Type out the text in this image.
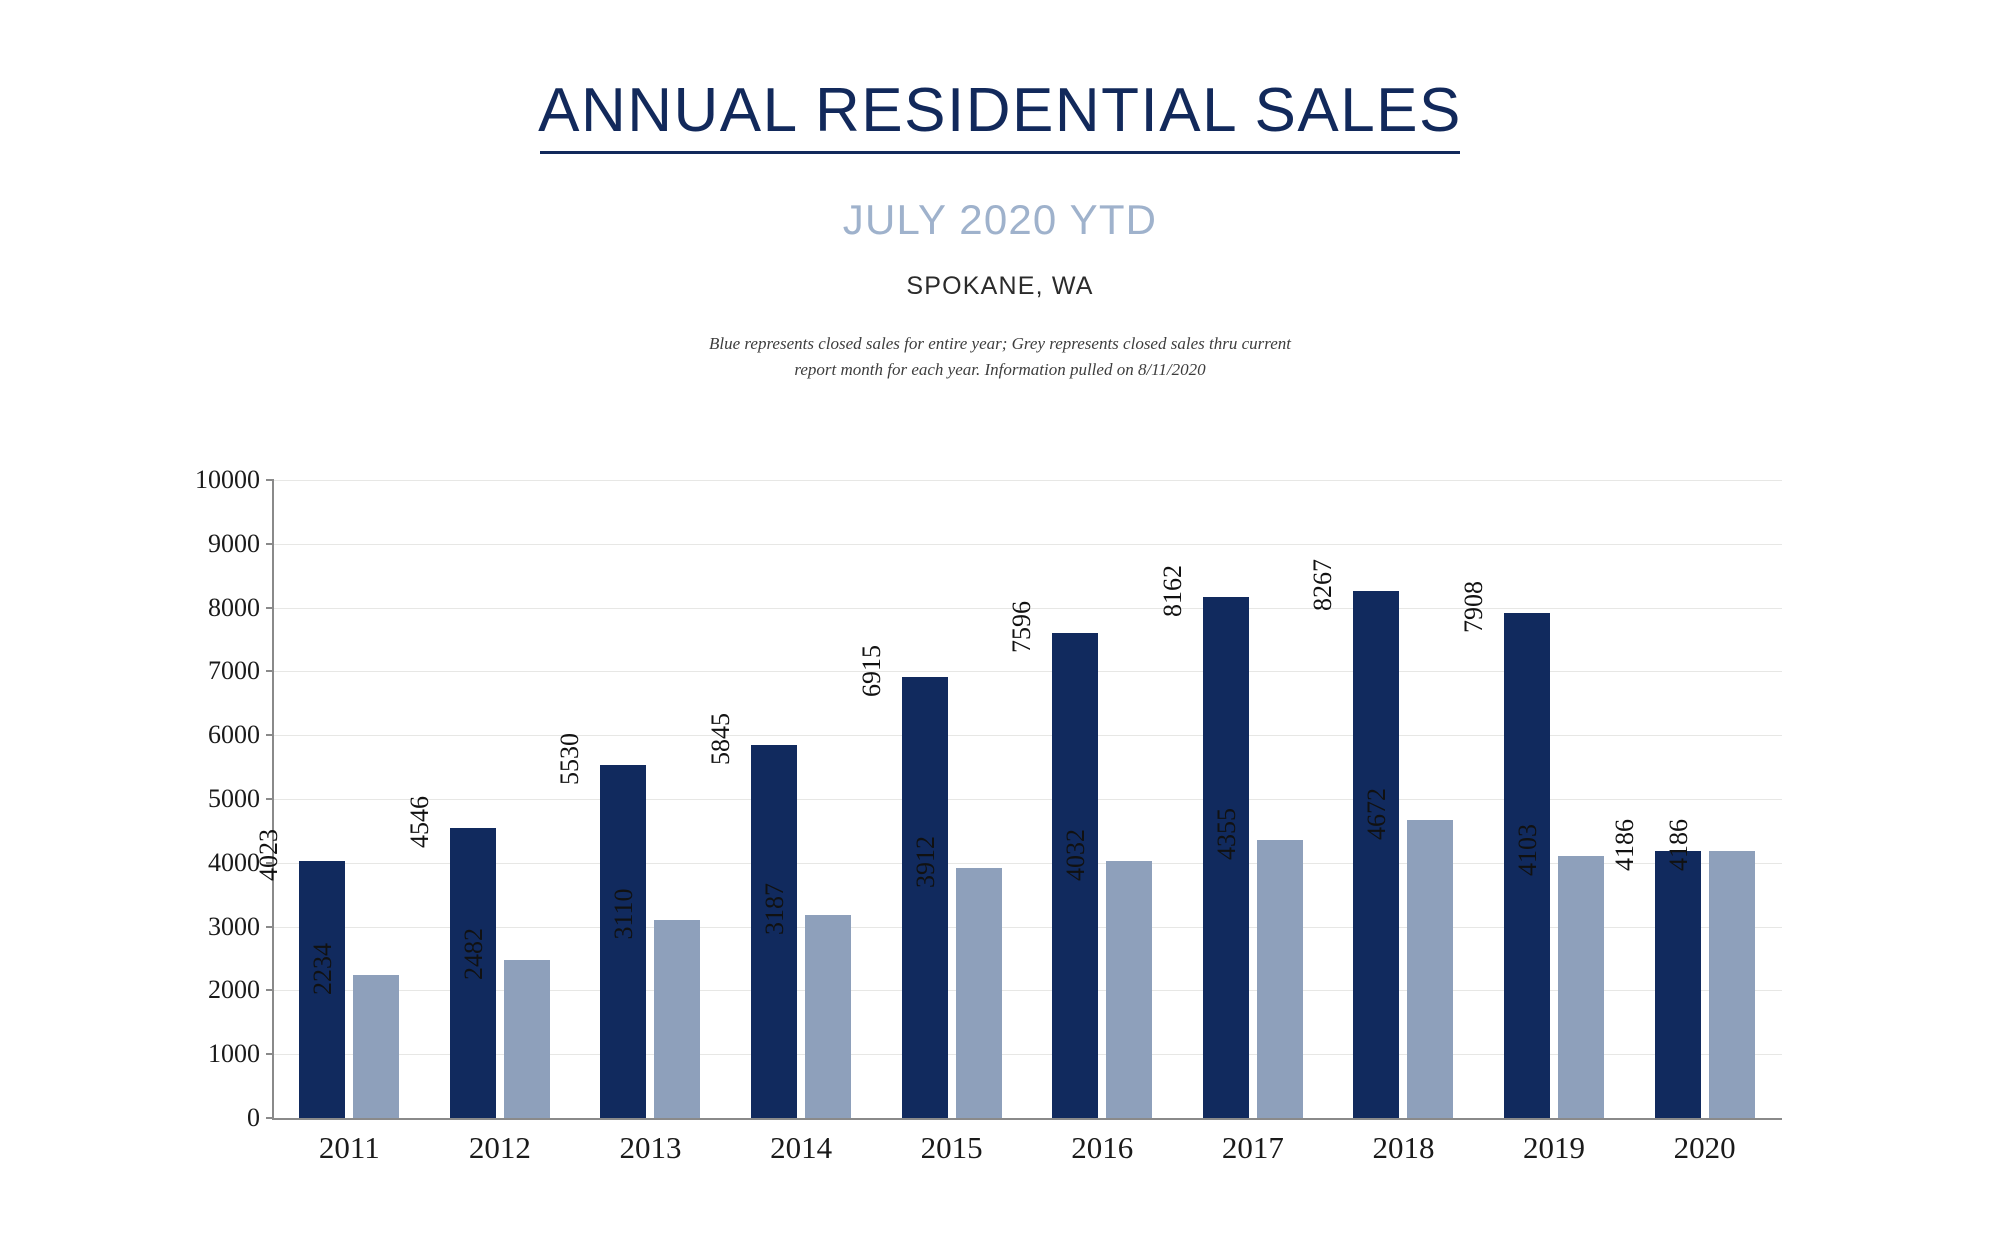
ANNUAL RESIDENTIAL SALES
JULY 2020 YTD
SPOKANE, WA
Blue represents closed sales for entire year; Grey represents closed sales thru current
report month for each year. Information pulled on 8/11/2020
10000
9000
8000
7000
6000
5000
4000
3000
2000
1000
0
4023
2234
4546
2482
5530
3110
5845
3187
6915
3912
7596
4032
8162
4355
8267
4672
7908
4103	4186 4186
2011	2012	2013	2014	2015	2016	2017	2018	2019	2020
